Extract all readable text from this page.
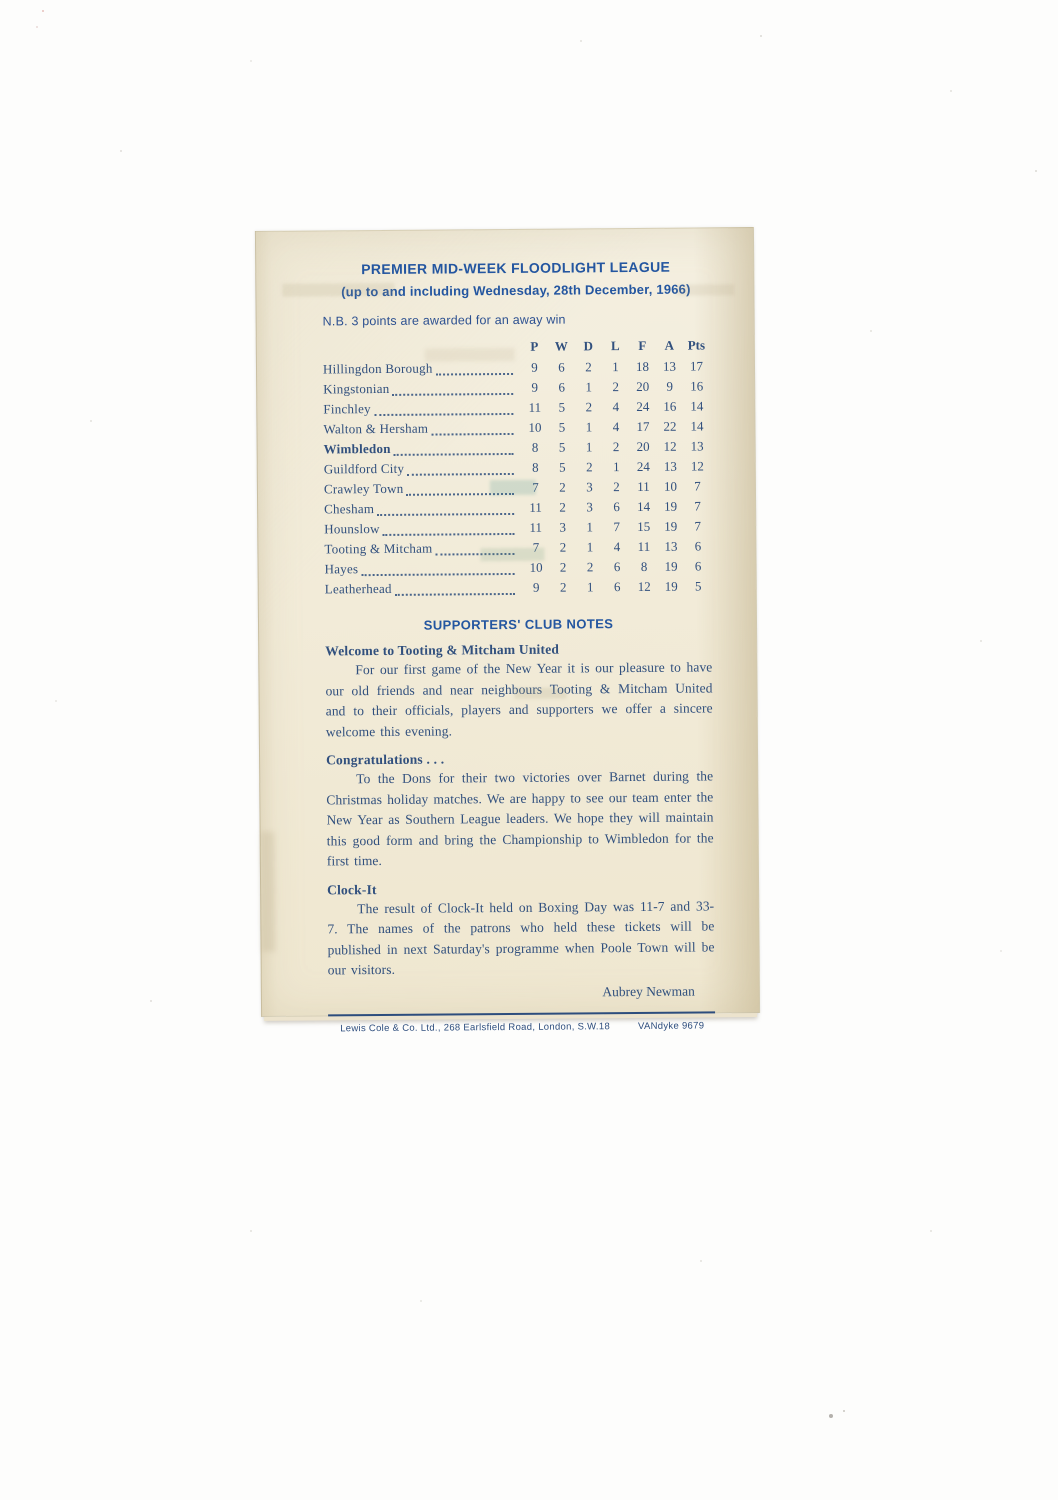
PREMIER MID-WEEK FLOODLIGHT LEAGUE
(up to and including Wednesday, 28th December, 1966)
N.B. 3 points are awarded for an away win
P	W	D	L	F	A	Pts
Hillingdon Borough	9	6	2	1	18	13	17
Kingstonian	9	6	1	2	20	9	16
Finchley	11	5	2	4	24	16	14
Walton & Hersham	10	5	1	4	17	22	14
Wimbledon	8	5	1	2	20	12	13
Guildford City	8	5	2	1	24	13	12
Crawley Town	7	2	3	2	11	10	7
Chesham	11	2	3	6	14	19	7
Hounslow	11	3	1	7	15	19	7
Tooting & Mitcham	7	2	1	4	11	13	6
Hayes	10	2	2	6	8	19	6
Leatherhead	9	2	1	6	12	19	5
SUPPORTERS' CLUB NOTES
Welcome to Tooting & Mitcham United

For our first game of the New Year it is our pleasure to have our old friends and near neighbours Tooting & Mitcham United and to their officials, players and supporters we offer a sincere welcome this evening.

Congratulations . . .

To the Dons for their two victories over Barnet during the Christmas holiday matches. We are happy to see our team enter the New Year as Southern League leaders. We hope they will maintain this good form and bring the Championship to Wimbledon for the first time.

Clock-It

The result of Clock-It held on Boxing Day was 11-7 and 33-7. The names of the patrons who held these tickets will be published in next Saturday's programme when Poole Town will be our visitors.

Aubrey Newman
Lewis Cole & Co. Ltd., 268 Earlsfield Road, London, S.W.18	VANdyke 9679
